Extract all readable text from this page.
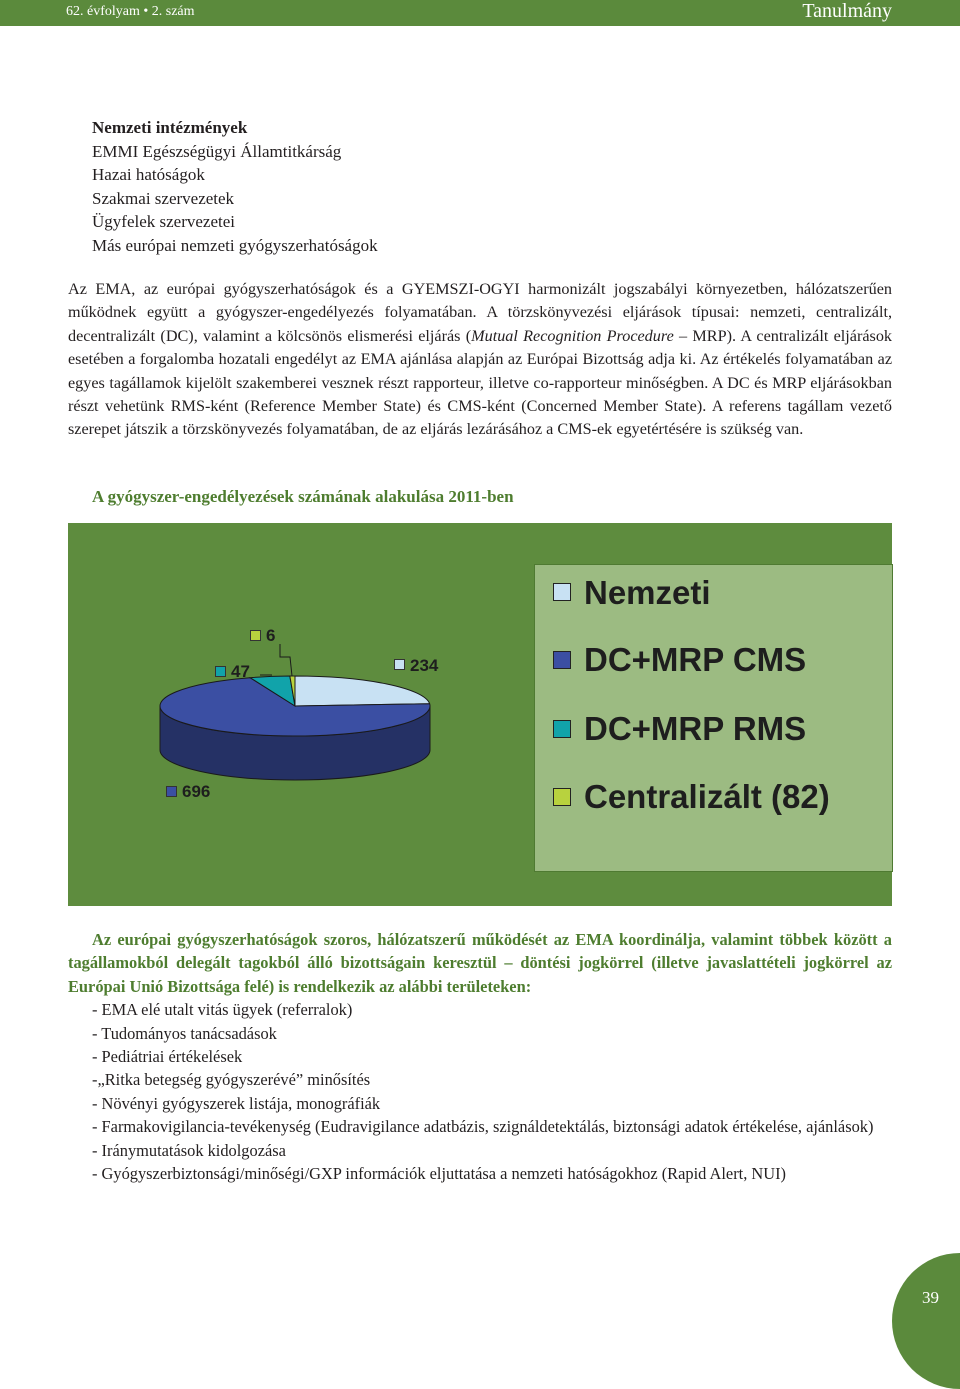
62. évfolyam • 2. szám	Tanulmány
Nemzeti intézmények
EMMI Egészségügyi Államtitkárság
Hazai hatóságok
Szakmai szervezetek
Ügyfelek szervezetei
Más európai nemzeti gyógyszerhatóságok
Az EMA, az európai gyógyszerhatóságok és a GYEMSZI-OGYI harmonizált jogszabályi környezetben, hálózatszerűen működnek együtt a gyógyszer-engedélyezés folyamatában. A törzskönyvezési eljárások típusai: nemzeti, centralizált, decentralizált (DC), valamint a kölcsönös elismerési eljárás (Mutual Recognition Procedure – MRP). A centralizált eljárások esetében a forgalomba hozatali engedélyt az EMA ajánlása alapján az Európai Bizottság adja ki. Az értékelés folyamatában az egyes tagállamok kijelölt szakemberei vesznek részt rapporteur, illetve co-rapporteur minőségben. A DC és MRP eljárásokban részt vehetünk RMS-ként (Reference Member State) és CMS-ként (Concerned Member State). A referens tagállam vezető szerepet játszik a törzskönyvezés folyamatában, de az eljárás lezárásához a CMS-ek egyetértésére is szükség van.
A gyógyszer-engedélyezések számának alakulása 2011-ben
Nemzeti
DC+MRP CMS
DC+MRP RMS
Centralizált (82)
6
47	234
696
Az európai gyógyszerhatóságok szoros, hálózatszerű működését az EMA koordinálja, valamint többek között a tagállamokból delegált tagokból álló bizottságain keresztül – döntési jogkörrel (illetve javaslattételi jogkörrel az Európai Unió Bizottsága felé) is rendelkezik az alábbi területeken:
- EMA elé utalt vitás ügyek (referralok)
- Tudományos tanácsadások
- Pediátriai értékelések
-„Ritka betegség gyógyszerévé” minősítés
- Növényi gyógyszerek listája, monográfiák
- Farmakovigilancia-tevékenység (Eudravigilance adatbázis, szignáldetektálás, biztonsági adatok értékelése, ajánlások)
- Iránymutatások kidolgozása
- Gyógyszerbiztonsági/minőségi/GXP információk eljuttatása a nemzeti hatóságokhoz (Rapid Alert, NUI)
39
